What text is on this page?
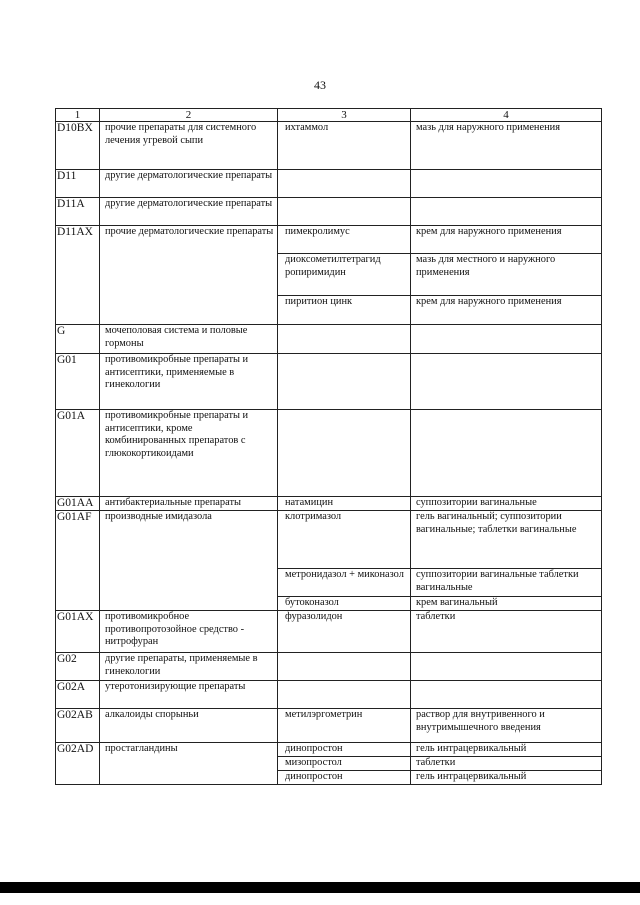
43
1	2	3	4
D10BX	прочие препараты для системного лечения угревой сыпи	ихтаммол	мазь для наружного применения
D11	другие дерматологические препараты		
D11A	другие дерматологические препараты		
D11AX	прочие дерматологические препараты	пимекролимус	крем для наружного применения
		диоксометилтетрагид ропиримидин	мазь для местного и наружного применения
		пиритион цинк	крем для наружного применения
G	мочеполовая система и половые гормоны		
G01	противомикробные препараты и антисептики, применяемые в гинекологии		
G01A	противомикробные препараты и антисептики, кроме комбинированных препаратов с глюкокортикоидами		
G01AA	антибактериальные препараты	натамицин	суппозитории вагинальные
G01AF	производные имидазола	клотримазол	гель вагинальный; суппозитории вагинальные; таблетки вагинальные
		метронидазол + миконазол	суппозитории вагинальные таблетки вагинальные
		бутоконазол	крем вагинальный
G01AX	противомикробное противопротозойное средство - нитрофуран	фуразолидон	таблетки
G02	другие препараты, применяемые в гинекологии		
G02A	утеротонизирующие препараты		
G02AB	алкалоиды спорыньи	метилэргометрин	раствор для внутривенного и внутримышечного введения
G02AD	простагландины	динопростон	гель интрацервикальный
		мизопростол	таблетки
		динопростон	гель интрацервикальный
